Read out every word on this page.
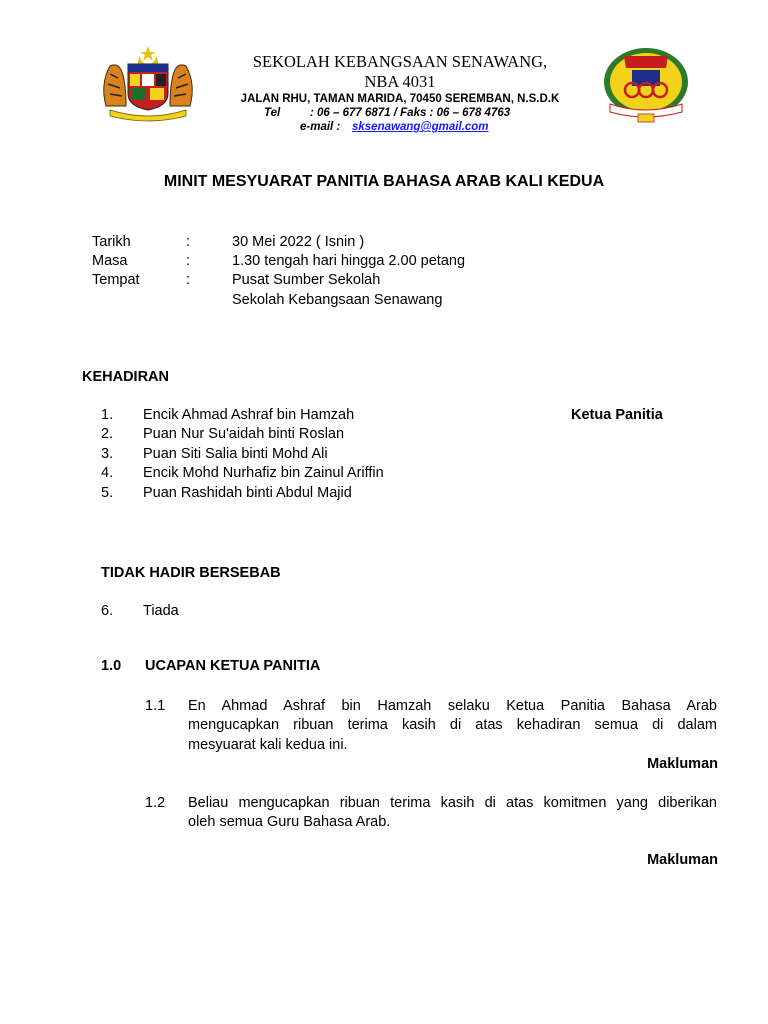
SEKOLAH KEBANGSAAN SENAWANG,
NBA 4031
JALAN RHU, TAMAN MARIDA, 70450 SEREMBAN, N.S.D.K
Tel	: 06 – 677 6871 / Faks : 06 – 678 4763
e-mail : sksenawang@gmail.com
MINIT MESYUARAT PANITIA BAHASA ARAB KALI KEDUA
Tarikh	:	30 Mei 2022 ( Isnin )
Masa	:	1.30 tengah hari hingga 2.00 petang
Tempat	:	Pusat Sumber Sekolah
Sekolah Kebangsaan Senawang
KEHADIRAN
1. Encik Ahmad Ashraf bin Hamzah	Ketua Panitia
2. Puan Nur Su'aidah binti Roslan
3. Puan Siti Salia binti Mohd Ali
4. Encik Mohd Nurhafiz bin Zainul Ariffin
5. Puan Rashidah binti Abdul Majid
TIDAK HADIR BERSEBAB
6. Tiada
1.0 UCAPAN KETUA PANITIA
1.1 En Ahmad Ashraf bin Hamzah selaku Ketua Panitia Bahasa Arab
mengucapkan ribuan terima kasih di atas kehadiran semua di dalam
mesyuarat kali kedua ini.
Makluman
1.2 Beliau mengucapkan ribuan terima kasih di atas komitmen yang diberikan
oleh semua Guru Bahasa Arab.
Makluman
